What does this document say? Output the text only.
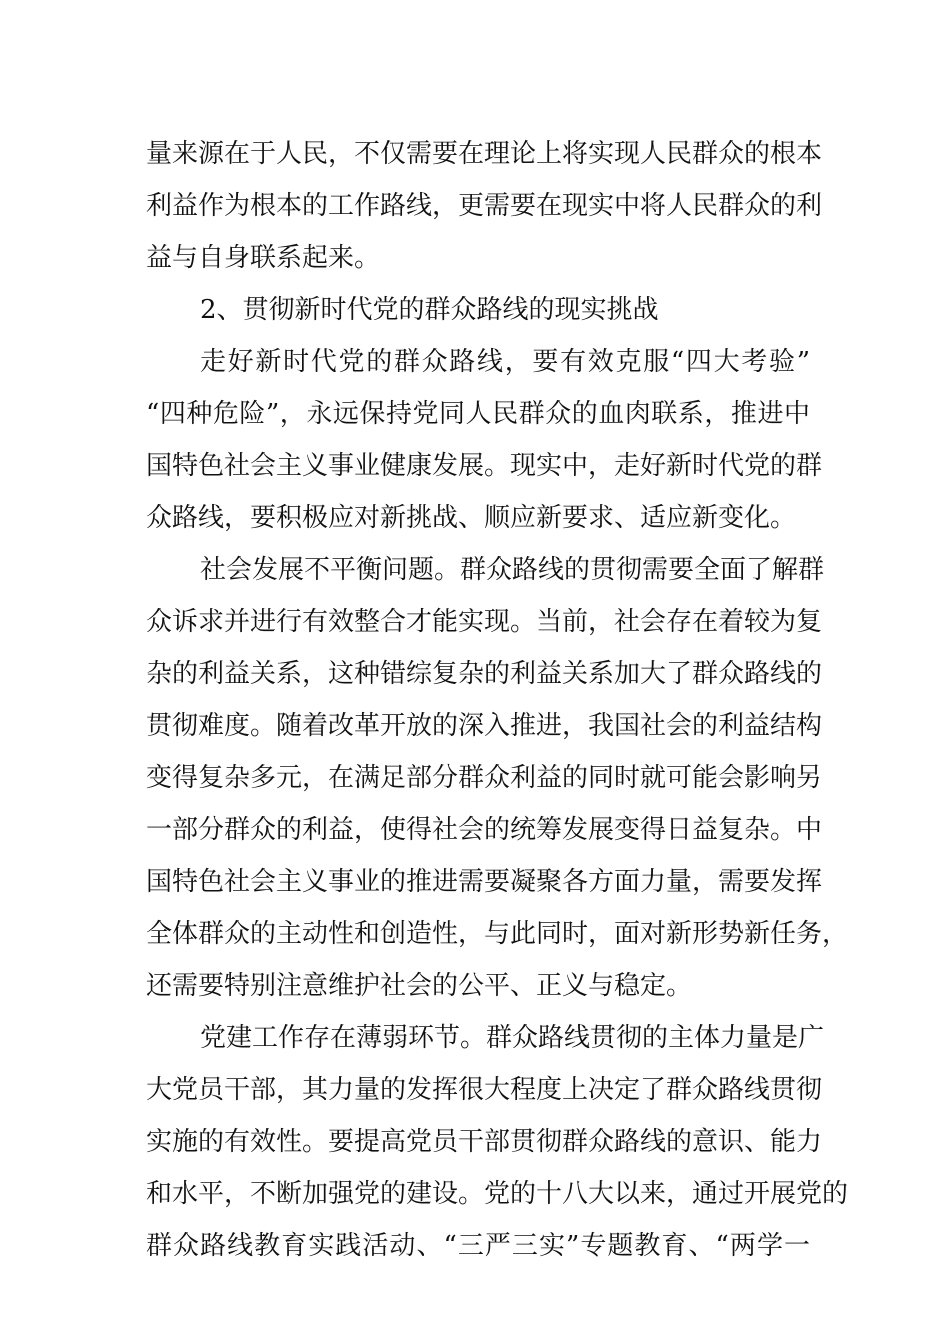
量来源在于人民，不仅需要在理论上将实现人民群众的根本
利益作为根本的工作路线，更需要在现实中将人民群众的利
益与自身联系起来。
2、贯彻新时代党的群众路线的现实挑战
走好新时代党的群众路线，要有效克服“四大考验”
“四种危险”，永远保持党同人民群众的血肉联系，推进中
国特色社会主义事业健康发展。现实中，走好新时代党的群
众路线，要积极应对新挑战、顺应新要求、适应新变化。
社会发展不平衡问题。群众路线的贯彻需要全面了解群
众诉求并进行有效整合才能实现。当前，社会存在着较为复
杂的利益关系，这种错综复杂的利益关系加大了群众路线的
贯彻难度。随着改革开放的深入推进，我国社会的利益结构
变得复杂多元，在满足部分群众利益的同时就可能会影响另
一部分群众的利益，使得社会的统筹发展变得日益复杂。中
国特色社会主义事业的推进需要凝聚各方面力量，需要发挥
全体群众的主动性和创造性，与此同时，面对新形势新任务，
还需要特别注意维护社会的公平、正义与稳定。
党建工作存在薄弱环节。群众路线贯彻的主体力量是广
大党员干部，其力量的发挥很大程度上决定了群众路线贯彻
实施的有效性。要提高党员干部贯彻群众路线的意识、能力
和水平，不断加强党的建设。党的十八大以来，通过开展党的
群众路线教育实践活动、“三严三实”专题教育、“两学一
